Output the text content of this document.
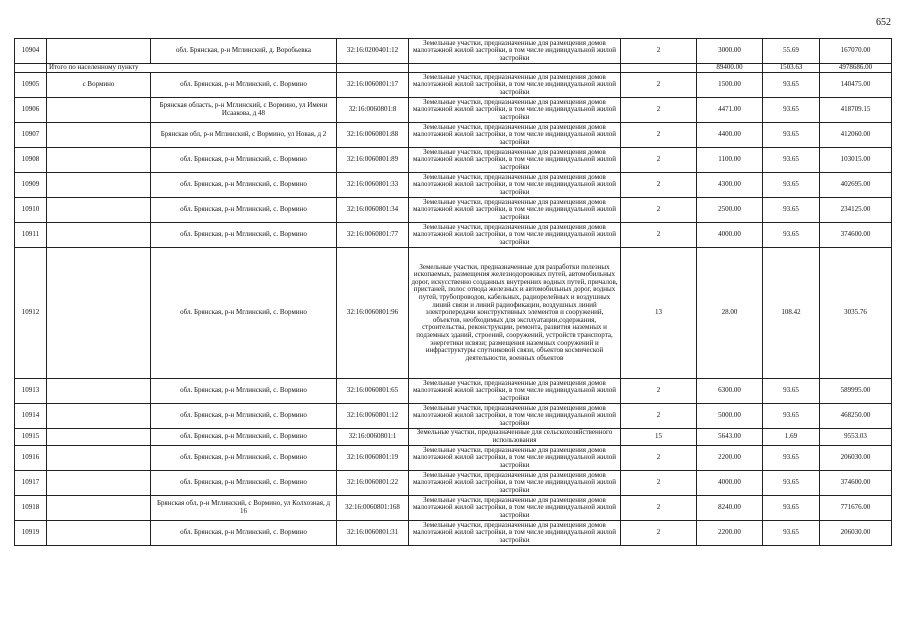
652
10904		обл. Брянская, р-н Мглинский, д. Воробьевка	32:16:0200401:12	Земельные участки, предназначенные для размещения домов малоэтажной жилой застройки, в том числе индивидуальной жилой застройки	2	3000.00	55.69	167070.00
	Итого по населенному пункту					89400.00	1503.63	4978686.00
10905	с Вормино	обл. Брянская, р-н Мглинский, с. Вормино	32:16:0060801:17	Земельные участки, предназначенные для размещения домов малоэтажной жилой застройки, в том числе индивидуальной жилой застройки	2	1500.00	93.65	140475.00
10906		Брянская область, р-н Мглинский, с Вормино, ул Имени Исаакова, д 48	32:16:0060801:8	Земельные участки, предназначенные для размещения домов малоэтажной жилой застройки, в том числе индивидуальной жилой застройки	2	4471.00	93.65	418709.15
10907		Брянская обл, р-н Мглинский, с Вормино, ул Новая, д 2	32:16:0060801:88	Земельные участки, предназначенные для размещения домов малоэтажной жилой застройки, в том числе индивидуальной жилой застройки	2	4400.00	93.65	412060.00
10908		обл. Брянская, р-н Мглинский, с. Вормино	32:16:0060801:89	Земельные участки, предназначенные для размещения домов малоэтажной жилой застройки, в том числе индивидуальной жилой застройки	2	1100.00	93.65	103015.00
10909		обл. Брянская, р-н Мглинский, с. Вормино	32:16:0060801:33	Земельные участки, предназначенные для размещения домов малоэтажной жилой застройки, в том числе индивидуальной жилой застройки	2	4300.00	93.65	402695.00
10910		обл. Брянская, р-н Мглинский, с. Вормино	32:16:0060801:34	Земельные участки, предназначенные для размещения домов малоэтажной жилой застройки, в том числе индивидуальной жилой застройки	2	2500.00	93.65	234125.00
10911		обл. Брянская, р-н Мглинский, с. Вормино	32:16:0060801:77	Земельные участки, предназначенные для размещения домов малоэтажной жилой застройки, в том числе индивидуальной жилой застройки	2	4000.00	93.65	374600.00
10912		обл. Брянская, р-н Мглинский, с. Вормино	32:16:0060801:96	Земельные участки, предназначенные для разработки полезных ископаемых, размещения железнодорожных путей, автомобильных дорог, искусственно созданных внутренних водных путей, причалов, пристаней, полос отвода железных и автомобильных дорог, водных путей, трубопроводов, кабельных, радиорелейных и воздушных линий связи и линий радиофикации, воздушных линий электропередачи конструктивных элементов и сооружений, объектов, необходимых для эксплуатации,содержания, строительства, реконструкции, ремонта, развития наземных и подземных зданий, строений, сооружений, устройств транспорта, энергетики исвязи; размещения наземных сооружений и инфраструктуры спутниковой связи, объектов космической деятельности, военных объектов	13	28.00	108.42	3035.76
10913		обл. Брянская, р-н Мглинский, с. Вормино	32:16:0060801:65	Земельные участки, предназначенные для размещения домов малоэтажной жилой застройки, в том числе индивидуальной жилой застройки	2	6300.00	93.65	589995.00
10914		обл. Брянская, р-н Мглинский, с. Вормино	32:16:0060801:12	Земельные участки, предназначенные для размещения домов малоэтажной жилой застройки, в том числе индивидуальной жилой застройки	2	5000.00	93.65	468250.00
10915		обл. Брянская, р-н Мглинский, с. Вормино	32:16:0060801:1	Земельные участки, предназначенные для сельскохозяйственного использования	15	5643.00	1.69	9553.03
10916		обл. Брянская, р-н Мглинский, с. Вормино	32:16:0060801:19	Земельные участки, предназначенные для размещения домов малоэтажной жилой застройки, в том числе индивидуальной жилой застройки	2	2200.00	93.65	206030.00
10917		обл. Брянская, р-н Мглинский, с. Вормино	32:16:0060801:22	Земельные участки, предназначенные для размещения домов малоэтажной жилой застройки, в том числе индивидуальной жилой застройки	2	4000.00	93.65	374600.00
10918		Брянская обл, р-н Мглинский, с Вормино, ул Колхозная, д 16	32:16:0060801:168	Земельные участки, предназначенные для размещения домов малоэтажной жилой застройки, в том числе индивидуальной жилой застройки	2	8240.00	93.65	771676.00
10919		обл. Брянская, р-н Мглинский, с. Вормино	32:16:0060801:31	Земельные участки, предназначенные для размещения домов малоэтажной жилой застройки, в том числе индивидуальной жилой застройки	2	2200.00	93.65	206030.00
